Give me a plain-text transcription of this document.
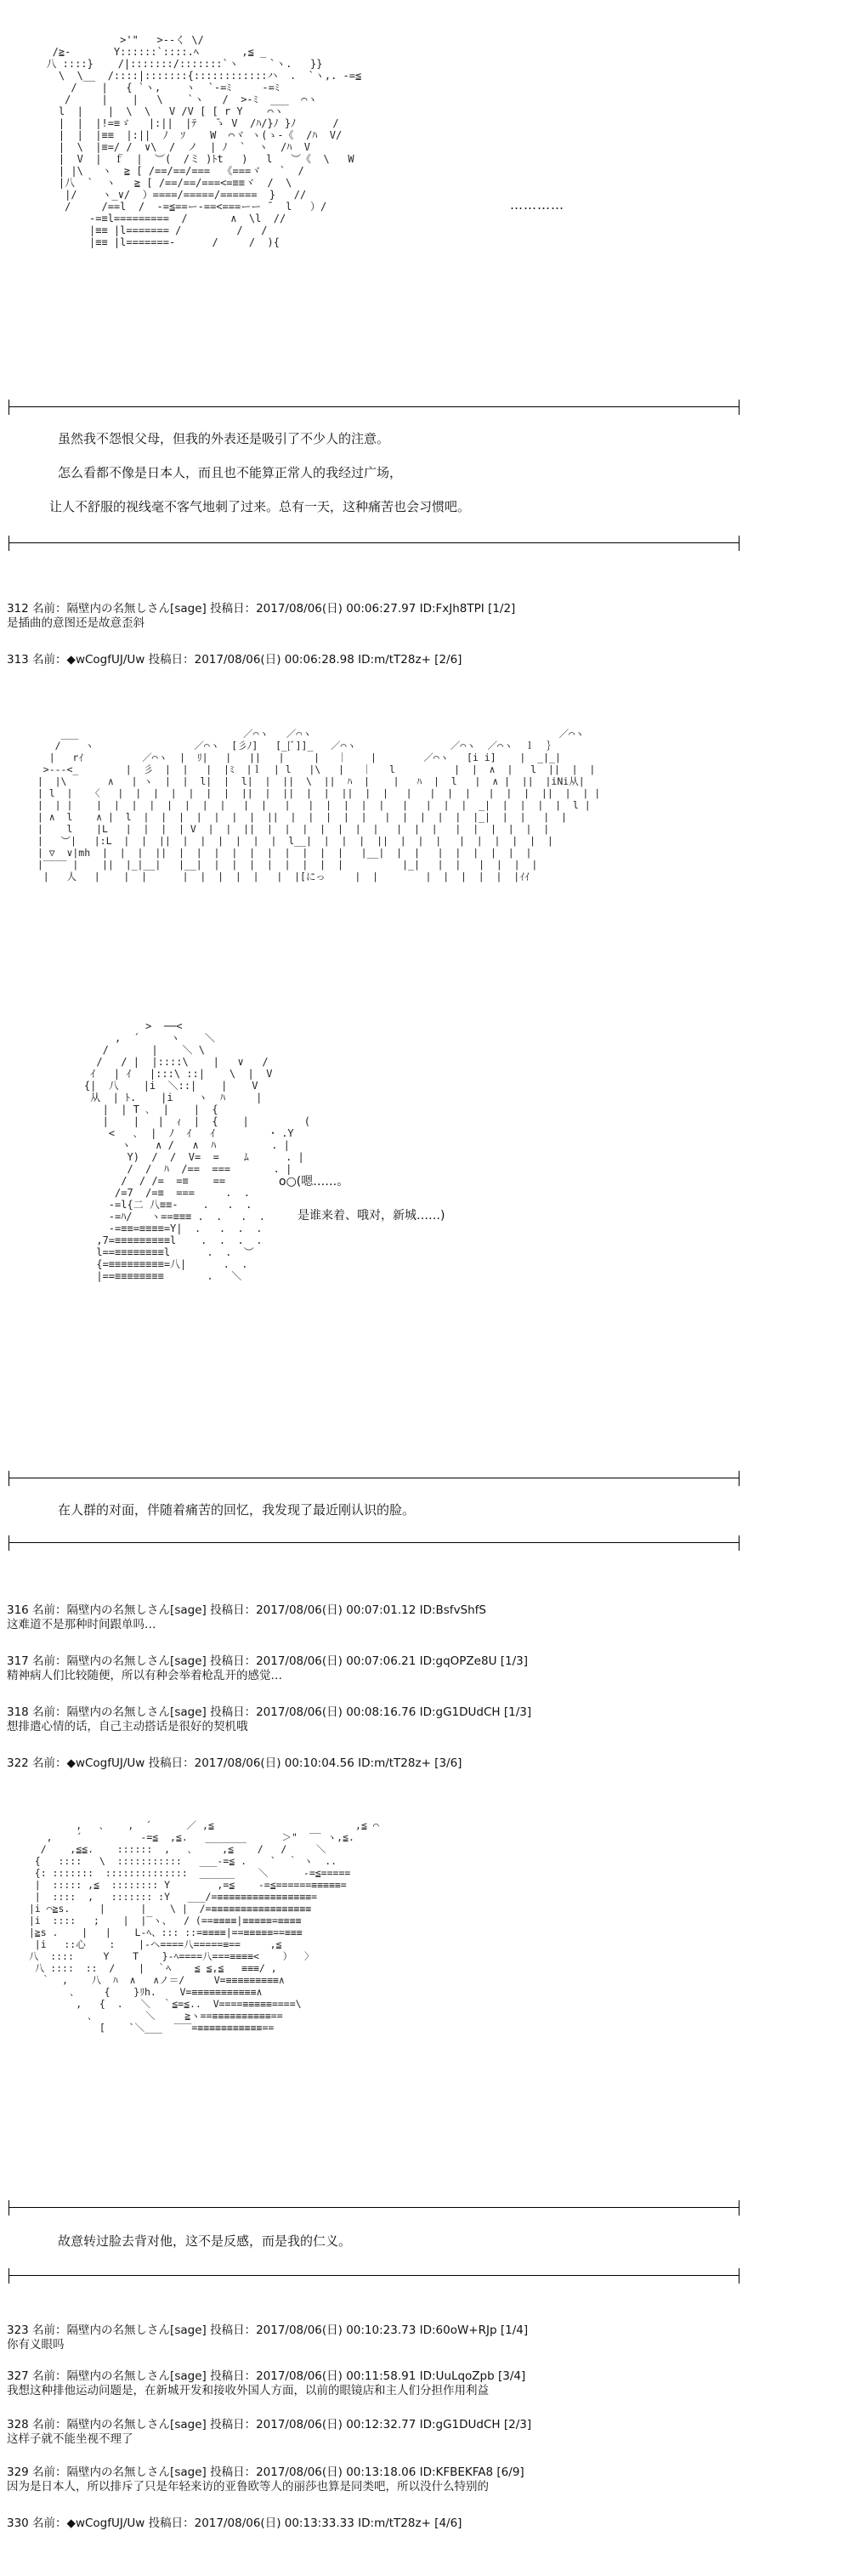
>'"   >--く \/
/≧-       Y::::::`::::.ﾍ       ,≦ _
八 ::::}    /|:::::::/:::::::`ヽ     `ヽ.   }}
\  \__  /::::|:::::::{::::::::::::ハ  .  `ヽ,. -=≦
/    |   { `ヽ,    ヽ  `-=ﾐ     -=ﾐ
/     |    |   \    `ヽ   /  >-ﾐ  ___  ⌒ヽ
l  |    |  \  \   V /V [ [ r Y    ⌒ヽ
|  |  |!=≡ゞ   |:||  |ﾃ   ̄ゝ V  /ﾊ/}ﾉ }ﾉ      /
|  |  |≡≡  |:||  ﾉ  ｿ    W  ⌒ヾ ヽ(ゝ-《  /ﾊ  V/
|  \  |≡=/ /  ∨\  /  ノ  | ﾉ  `  ヽ  /ﾊ  V
|  V  |  ｆ  |  ︶(  /ミ )ﾄt   )   l   ︶《  \   W
| |\   ヽ  ≧ [ /==/==/===  《===ヾ   `  /
|八  `  ヽ   ≧ [ /==/==/===<=≡≡ヾ  /  \
|/    ヽ_∨/  ）====/=====/======  }   //
/     /==l  /  -=≦==ー-==<===ーー ̄   l   ）/
-=≡l=========  /       ∧  \l  //
|≡≡ |l======= /         /   /
|≡≡ |l=======-      /     /  ){

…………

虽然我不怨恨父母，但我的外表还是吸引了不少人的注意。

怎么看都不像是日本人，而且也不能算正常人的我经过广场，

让人不舒服的视线毫不客气地刺了过来。总有一天，这种痛苦也会习惯吧。

312 名前：隔壁内の名無しさん[sage] 投稿日：2017/08/06(日) 00:06:27.97 ID:FxJh8TPI [1/2]
是插曲的意图还是故意歪斜
313 名前：◆wCogfUJ/Uw 投稿日：2017/08/06(日) 00:06:28.98 ID:m/tT28z+ [2/6]
___                            ／⌒ヽ   ／⌒ヽ                                          ／⌒ヽ
/    ヽ                 ／⌒ヽ  [彡ﾉ]   [_[ﾞ]]_   ／⌒ヽ                ／⌒ヽ  ／⌒ヽ  ｌ  ｝
|   rｲ          ／⌒ヽ  |  ﾘ|   |   ||   |     |   ｜    |        ／⌒ヽ   [i i]    |  _|_|
>---<_        |  彡  |  |   |  |ﾐ  |ｌ  | l   |\   |   ｜   l          |  |  ∧  |   l  ||  |  |
|  |\       ∧   | ヽ  |  |  l|  |  l|  |  ||  \  ||  ﾊ  |    |   ﾊ  |  l   |  ∧ |  ||  |iNi从|
| l  |   〈   |  |  |  |  |  |  |  ||  |  ||  |  |  ||  |  |   |   |  |  |   |  |  |  ||  |  | |
|  | |    |  |  |  |  |  |  |  |   |  |   |   |  |  |  |  |   |   |  |  |  _|  |  |  |  |  l |
| ∧  l    ∧ |  l  |  |  |  |  |  |  |  ||  |  |  |  |  |   |  |  |  |  |  |_|  |  |   |  |
|    l    |L   |  |  |  | V  |  |  ||  |  |  |  |  |  |  |   |  |  |   |  |  |  |  |  |
|   ︶|   |:L  |  |  ||  |  |  |  |  |  |  l__|  |  |  |  ||  |  |  |   |  |  |  |  |  |
| ▽  ∨|mh  |  |  |  ||  |  |  |  |  |  |  |  |  |  |   |__|  |  |   |  |  |  |  |  |
|‾‾‾‾ |    ||  |_|__|   |__|  |  |  |  |  |  |  |  |          |_|   |  |   |  |  |  |
|   人   |    |  |      |  |  |  |  |   |  |[にっ     |  |        |  |  |  |  |  |ｲｲ

>  ──<
,  ´     ヽ    ＼
/       |    ＼ \
/   / |  |::::\    |   ∨   /
ｲ   | ｲ   |:::\ ::|    \  |  V
{|  八    |i  ＼::|    |    V
从  | ﾄ.    |i    ヽ  ﾊ     |
|  | T ､  |    |  {
|    |   |  ｨ  |  {    |         (
<   ､  |  ﾉ  ｲ   ｲ         ･ .Y
ヽ    ∧ /   ∧  ﾊ         . |
Y)  /  /  V=  =    ﾑ      . |
/  /  ﾊ  /==  ===       . |
/  / /=  =≡    ==
/=7  /=≡  ===     .  .
-=l{二 八≡≡-    .   .  .
-=ﾊ/   ヽ==≡≡≡ .  .   .  .
-=≡≡=≡≡≡≡=Y|  .   .  .  .
,7=≡≡≡≡≡≡≡≡≡l    .  .  .  .
l==≡≡≡≡≡≡≡≡l      .  .  ︶
{=≡≡≡≡≡≡≡≡≡=八|      .  .
|==≡≡≡≡≡≡≡≡       .   ＼

o○(嗯……。

是谁来着、哦对，新城……)

在人群的对面，伴随着痛苦的回忆，我发现了最近刚认识的脸。

316 名前：隔壁内の名無しさん[sage] 投稿日：2017/08/06(日) 00:07:01.12 ID:BsfvShfS
这难道不是那种时间跟单吗…
317 名前：隔壁内の名無しさん[sage] 投稿日：2017/08/06(日) 00:07:06.21 ID:gqOPZe8U [1/3]
精神病人们比较随便，所以有种会举着枪乱开的感觉…
318 名前：隔壁内の名無しさん[sage] 投稿日：2017/08/06(日) 00:08:16.76 ID:gG1DUdCH [1/3]
想排遣心情的话，自己主动搭话是很好的契机哦
322 名前：◆wCogfUJ/Uw 投稿日：2017/08/06(日) 00:10:04.56 ID:m/tT28z+ [3/6]
,   ､    ,  ´      ／ ,≦                        ,≦ ⌒
,    ´          -=≦  ,≦.   _______      ＞"  ‾‾ ヽ,≦.
/    ,≦≦.    ::::::  ,   ､     ,≦    /   /     ＼
{   ::::   \  :::::::::::   ___-=≦ .    `  ｀ ヽ  ..
{: :::::::  ::::::::::::::  ______    ＼      -=≦=====
|  ::::: ,≦  :::::::: Y        ,=≦    -=≦======≡≡≡≡≡=
|  ::::  ,   ::::::: :Y   ___/=≡≡≡≡≡≡≡≡≡≡≡≡≡≡≡≡=
|i ⌒≧s.     |      |    \ |  /=≡≡≡≡≡≡≡≡≡≡≡≡≡≡≡≡≡
|i  ::::   ;    |  |‾ヽ、  / (==≡≡≡≡|≡≡≡≡≡=≡≡≡≡
|≧s .    |   |    L-ﾍ、::: ::=≡≡≡≡|==≡≡≡≡≡==≡≡≡
|i   ::心    :    |-ヘ====八=====≡==     ,≦
八  ::::     Y    T    }-ﾍ====八===≡≡≡≡<    ）  〉
八 ::::  ::  /    |  ｀ﾍ    ≦ ≦,≦   ≡≡≡/ ,
｀  ,    八  ﾊ  ∧   ∧ノ＝/     V=≡≡≡≡≡≡≡≡≡∧
､     {    }ﾘh.    V=≡≡≡≡≡≡≡≡≡≡≡∧
,   {  .   ＼  ｀≦=≦..  V====≡≡≡≡≡====\
､         ＼     ≧ヽ==≡≡≡≡≡≡≡≡≡≡==
[    `＼___  ‾‾‾=≡≡≡≡≡≡≡≡≡≡≡==

故意转过脸去背对他，这不是反感，而是我的仁义。

323 名前：隔壁内の名無しさん[sage] 投稿日：2017/08/06(日) 00:10:23.73 ID:60oW+RJp [1/4]
你有义眼吗
327 名前：隔壁内の名無しさん[sage] 投稿日：2017/08/06(日) 00:11:58.91 ID:UuLqoZpb [3/4]
我想这种排他运动问题是，在新城开发和接收外国人方面，以前的眼镜店和主人们分担作用利益
328 名前：隔壁内の名無しさん[sage] 投稿日：2017/08/06(日) 00:12:32.77 ID:gG1DUdCH [2/3]
这样子就不能坐视不理了
329 名前：隔壁内の名無しさん[sage] 投稿日：2017/08/06(日) 00:13:18.06 ID:KFBEKFA8 [6/9]
因为是日本人，所以排斥了只是年轻来访的亚鲁欧等人的丽莎也算是同类吧，所以没什么特别的
330 名前：◆wCogfUJ/Uw 投稿日：2017/08/06(日) 00:13:33.33 ID:m/tT28z+ [4/6]
